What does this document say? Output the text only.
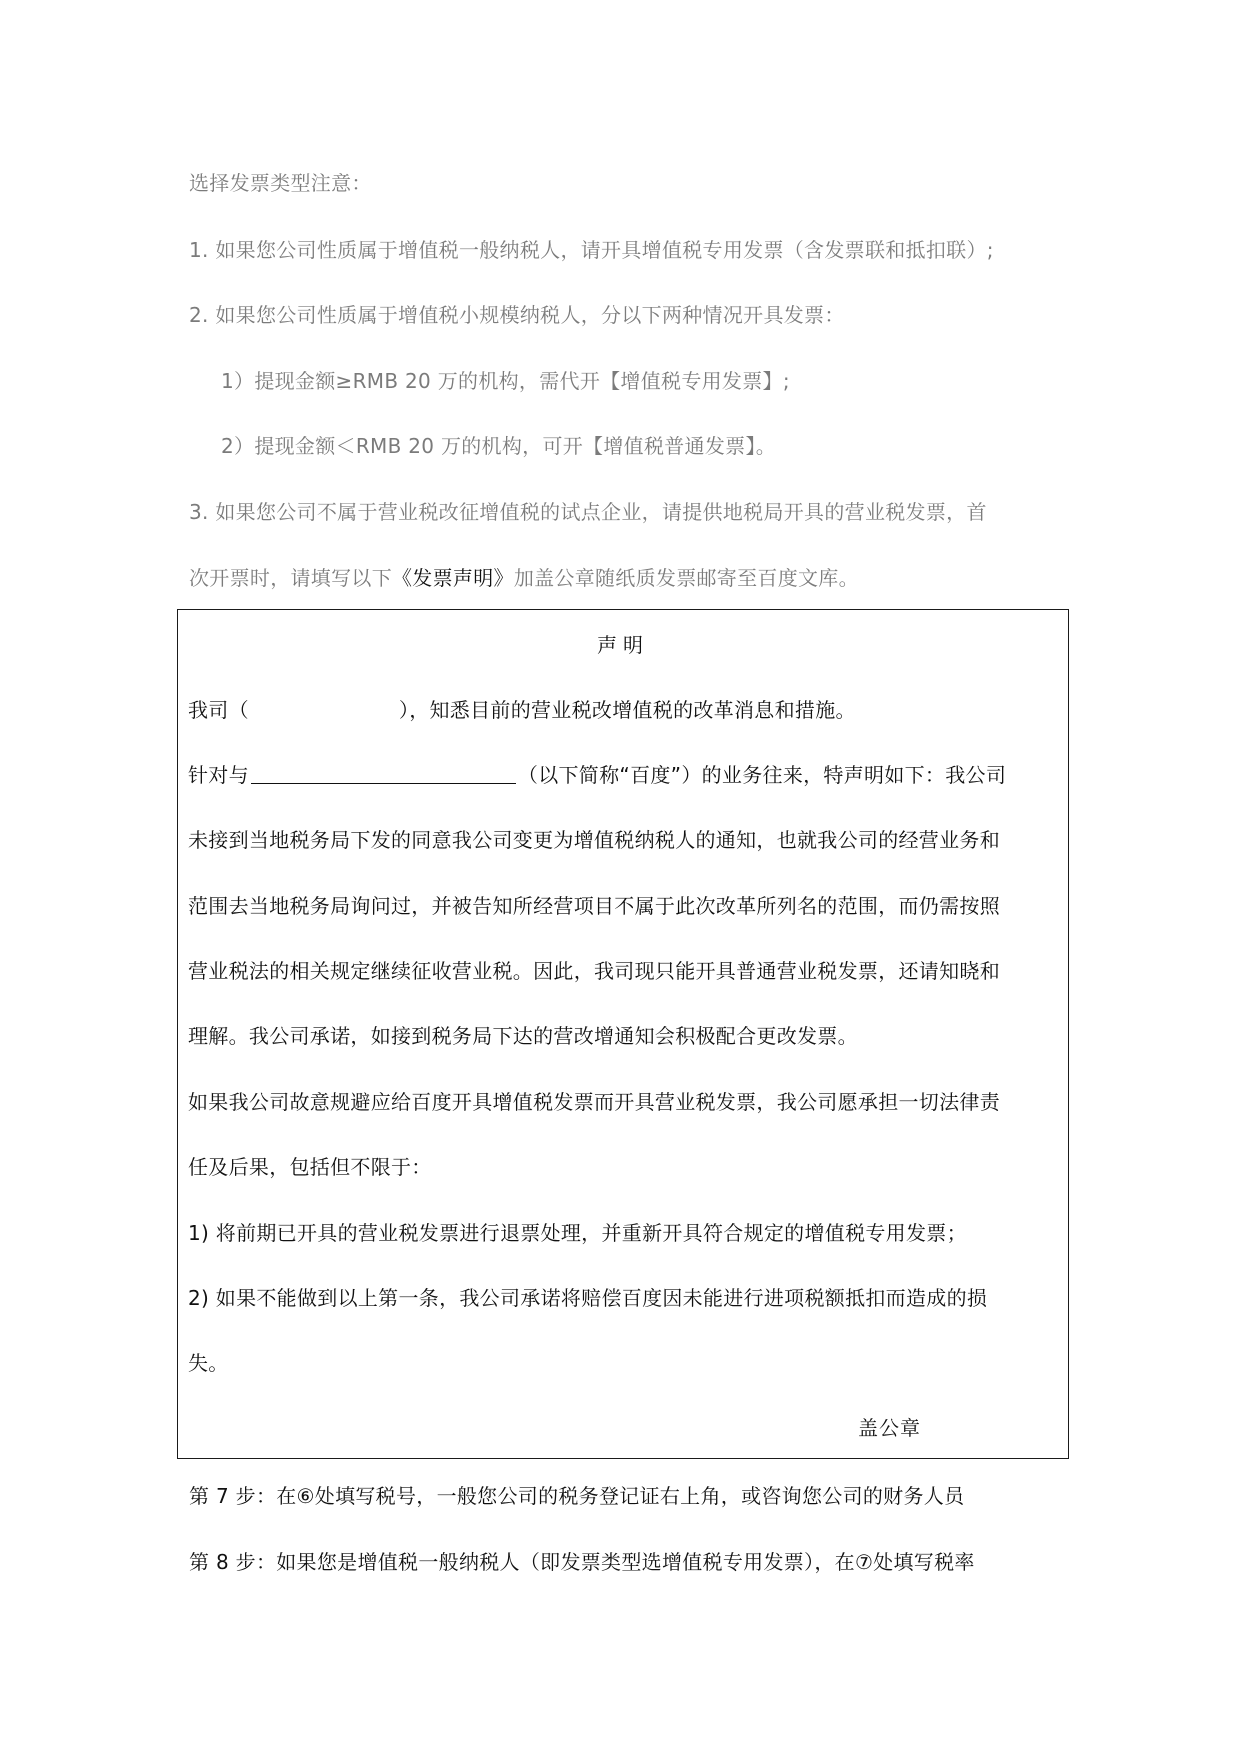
选择发票类型注意：
1. 如果您公司性质属于增值税一般纳税人，请开具增值税专用发票（含发票联和抵扣联）;
2. 如果您公司性质属于增值税小规模纳税人，分以下两种情况开具发票：
1）提现金额≥RMB 20 万的机构，需代开【增值税专用发票】;
2）提现金额＜RMB 20 万的机构，可开【增值税普通发票】。
3. 如果您公司不属于营业税改征增值税的试点企业，请提供地税局开具的营业税发票，首
次开票时，请填写以下《发票声明》加盖公章随纸质发票邮寄至百度文库。
声明
我司（	），知悉目前的营业税改增值税的改革消息和措施。
针对与	（以下简称“百度”）的业务往来，特声明如下：我公司
未接到当地税务局下发的同意我公司变更为增值税纳税人的通知，也就我公司的经营业务和
范围去当地税务局询问过，并被告知所经营项目不属于此次改革所列名的范围，而仍需按照
营业税法的相关规定继续征收营业税。因此，我司现只能开具普通营业税发票，还请知晓和
理解。我公司承诺，如接到税务局下达的营改增通知会积极配合更改发票。
如果我公司故意规避应给百度开具增值税发票而开具营业税发票，我公司愿承担一切法律责
任及后果，包括但不限于：
1) 将前期已开具的营业税发票进行退票处理，并重新开具符合规定的增值税专用发票；
2) 如果不能做到以上第一条，我公司承诺将赔偿百度因未能进行进项税额抵扣而造成的损
失。
盖公章
第 7 步：在⑥处填写税号，一般您公司的税务登记证右上角，或咨询您公司的财务人员
第 8 步：如果您是增值税一般纳税人（即发票类型选增值税专用发票），在⑦处填写税率
